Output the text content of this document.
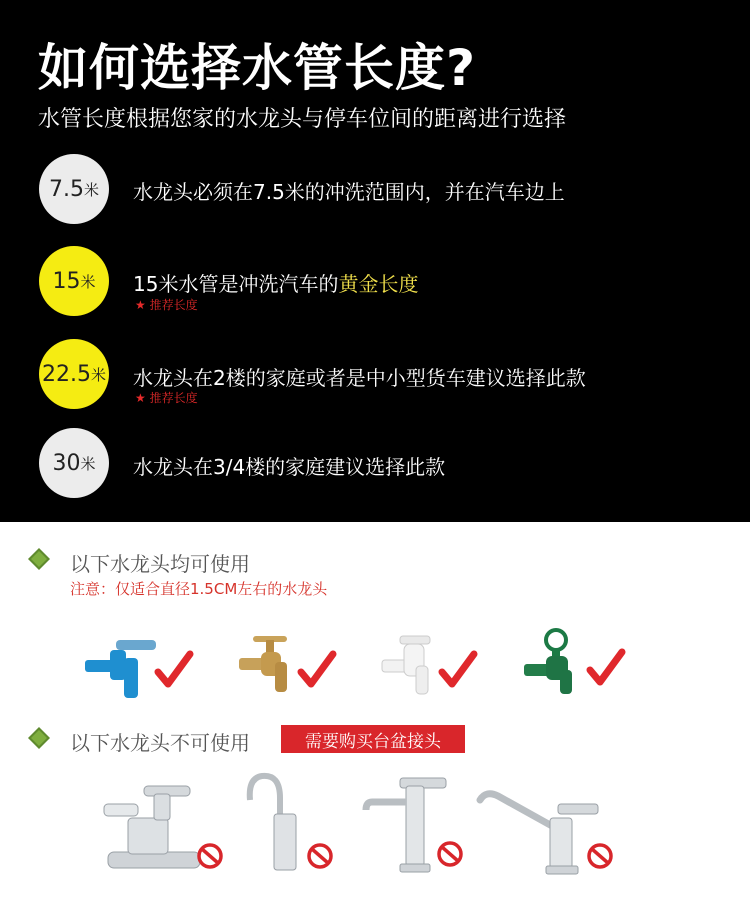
如何选择水管长度?
水管长度根据您家的水龙头与停车位间的距离进行选择
7.5 米 水龙头必须在7.5米的冲洗范围内，并在汽车边上
15 米 15米水管是冲洗汽车的黄金长度
★ 推荐长度
22.5 米 水龙头在2楼的家庭或者是中小型货车建议选择此款
★ 推荐长度
30 米 水龙头在3/4楼的家庭建议选择此款
以下水龙头均可使用
注意：仅适合直径1.5CM左右的水龙头
以下水龙头不可使用	需要购买台盆接头
